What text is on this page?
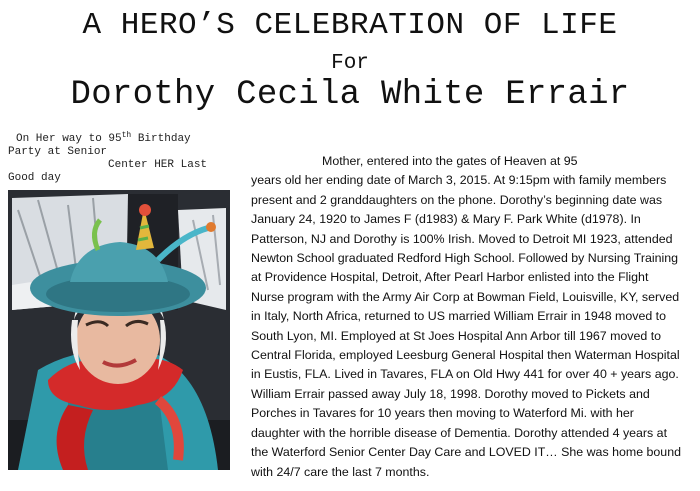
A HERO’S CELEBRATION OF LIFE
For
Dorothy Cecila White Errair
On Her way to 95th Birthday
Party at Senior
Center HER Last
Good day
Mother, entered into the gates of Heaven at 95
years old her ending date of March 3, 2015. At 9:15pm with family members
present and 2 granddaughters on the phone. Dorothy’s beginning date was
January 24, 1920 to James F (d1983) & Mary F. Park White (d1978). In
Patterson, NJ and Dorothy is 100% Irish. Moved to Detroit MI 1923, attended
Newton School graduated Redford High School. Followed by Nursing Training
at Providence Hospital, Detroit, After Pearl Harbor enlisted into the Flight
Nurse program with the Army Air Corp at Bowman Field, Louisville, KY, served
in Italy, North Africa, returned to US married William Errair in 1948 moved to
South Lyon, MI. Employed at St Joes Hospital Ann Arbor till 1967 moved to
Central Florida, employed Leesburg General Hospital then Waterman Hospital
in Eustis, FLA. Lived in Tavares, FLA on Old Hwy 441 for over 40 + years ago.
William Errair passed away July 18, 1998. Dorothy moved to Pickets and
Porches in Tavares for 10 years then moving to Waterford Mi. with her
daughter with the horrible disease of Dementia. Dorothy attended 4 years at
the Waterford Senior Center Day Care and LOVED IT… She was home bound
with 24/7 care the last 7 months.
